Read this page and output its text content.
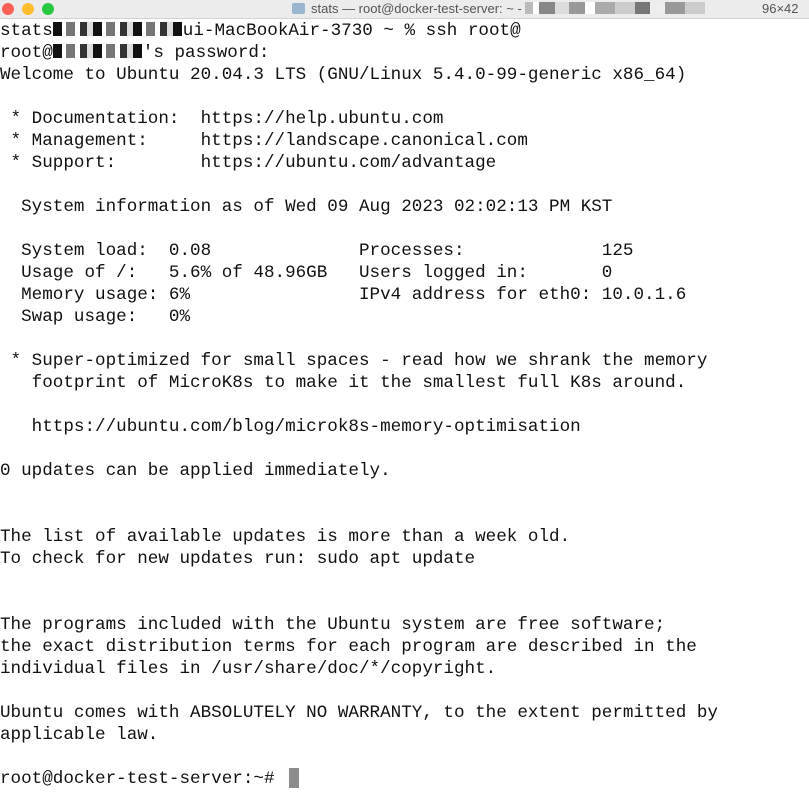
stats — root@docker-test-server: ~ -	96×42
stats	ui-MacBookAir-3730 ~ % ssh root@
root@	's password:
Welcome to Ubuntu 20.04.3 LTS (GNU/Linux 5.4.0-99-generic x86_64)
* Documentation:  https://help.ubuntu.com
* Management:     https://landscape.canonical.com
* Support:        https://ubuntu.com/advantage
System information as of Wed 09 Aug 2023 02:02:13 PM KST
System load:  0.08              Processes:             125
Usage of /:   5.6% of 48.96GB   Users logged in:       0
Memory usage: 6%                IPv4 address for eth0: 10.0.1.6
Swap usage:   0%
* Super-optimized for small spaces - read how we shrank the memory
footprint of MicroK8s to make it the smallest full K8s around.
https://ubuntu.com/blog/microk8s-memory-optimisation
0 updates can be applied immediately.
The list of available updates is more than a week old.
To check for new updates run: sudo apt update
The programs included with the Ubuntu system are free software;
the exact distribution terms for each program are described in the
individual files in /usr/share/doc/*/copyright.
Ubuntu comes with ABSOLUTELY NO WARRANTY, to the extent permitted by
applicable law.
root@docker-test-server:~#
